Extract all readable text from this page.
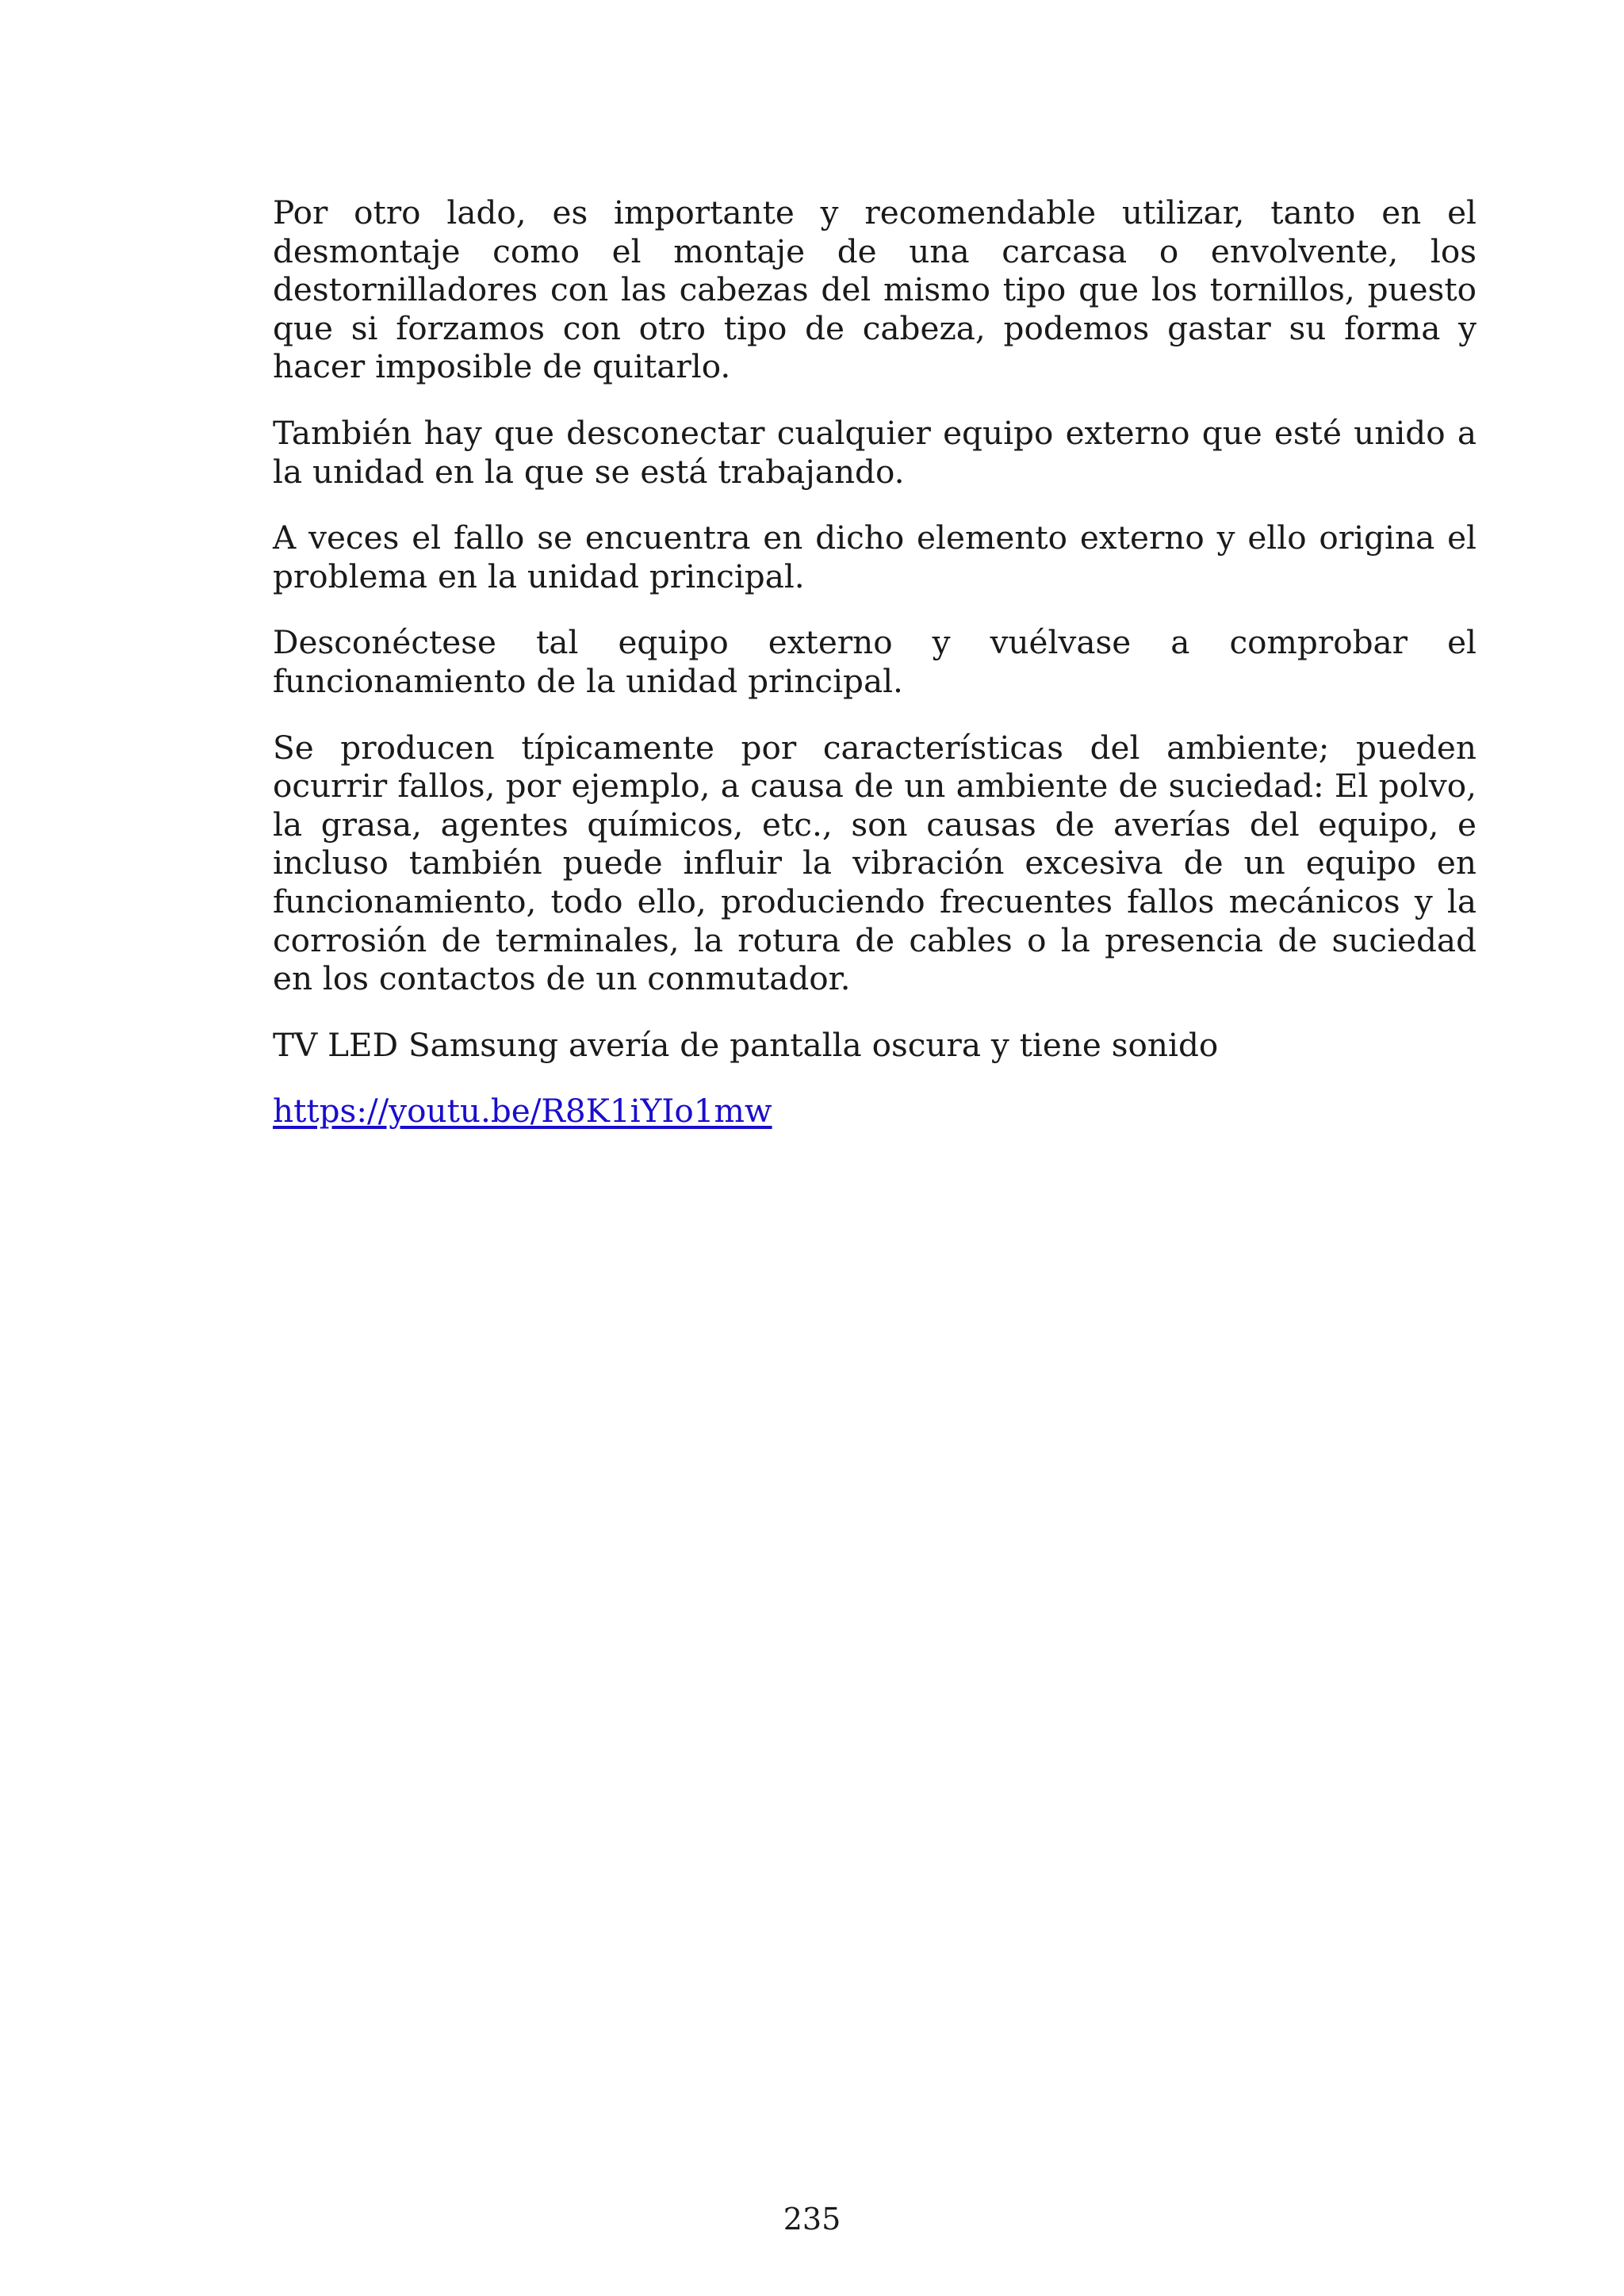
Por otro lado, es importante y recomendable utilizar, tanto en el desmontaje como el montaje de una carcasa o envolvente, los destornilladores con las cabezas del mismo tipo que los tornillos, puesto que si forzamos con otro tipo de cabeza, podemos gastar su forma y hacer imposible de quitarlo.

También hay que desconectar cualquier equipo externo que esté unido a la unidad en la que se está trabajando.

A veces el fallo se encuentra en dicho elemento externo y ello origina el problema en la unidad principal.

Desconéctese tal equipo externo y vuélvase a comprobar el funcionamiento de la unidad principal.

Se producen típicamente por características del ambiente; pueden ocurrir fallos, por ejemplo, a causa de un ambiente de suciedad: El polvo, la grasa, agentes químicos, etc., son causas de averías del equipo, e incluso también puede influir la vibración excesiva de un equipo en funcionamiento, todo ello, produciendo frecuentes fallos mecánicos y la corrosión de terminales, la rotura de cables o la presencia de suciedad en los contactos de un conmutador.

TV LED Samsung avería de pantalla oscura y tiene sonido

https://youtu.be/R8K1iYIo1mw

235
